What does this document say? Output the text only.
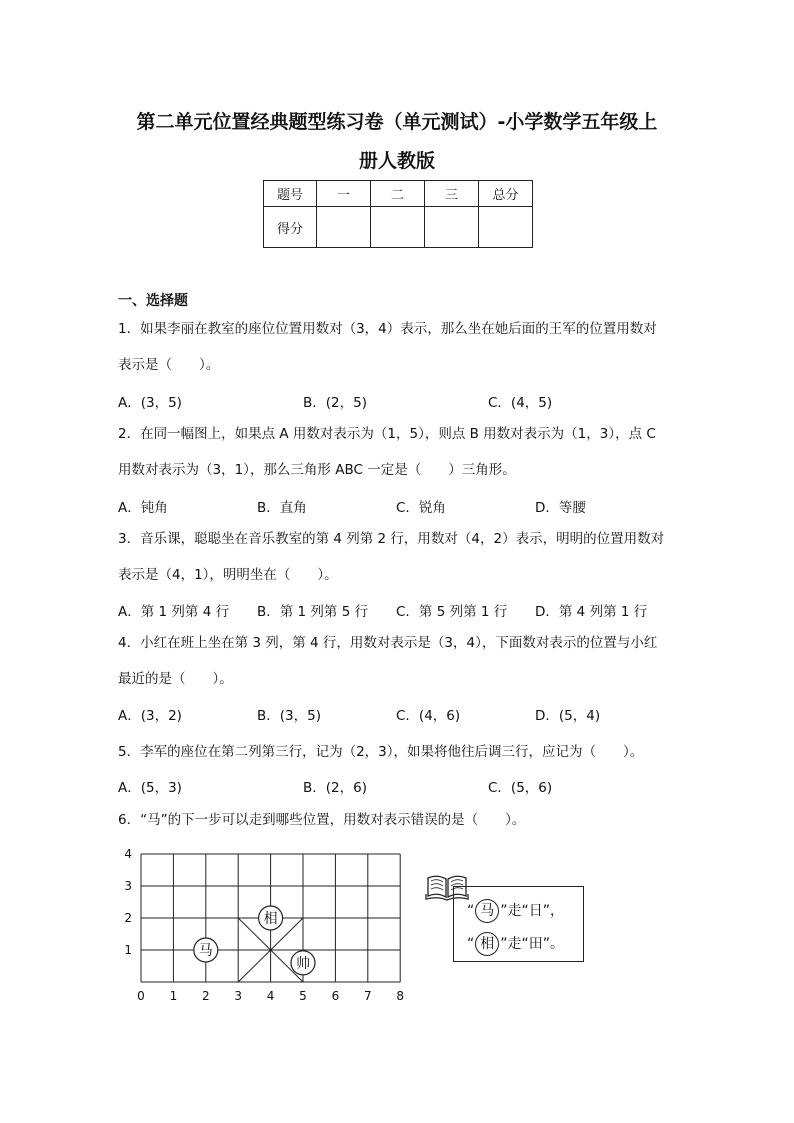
第二单元位置经典题型练习卷（单元测试）-小学数学五年级上
册人教版
题号	一	二	三	总分
得分				
一、选择题
1．如果李丽在教室的座位位置用数对（3，4）表示，那么坐在她后面的王军的位置用数对
表示是（　　）。
A．(3，5)	B．(2，5)	C．(4，5)
2．在同一幅图上，如果点 A 用数对表示为（1，5），则点 B 用数对表示为（1，3），点 C
用数对表示为（3，1），那么三角形 ABC 一定是（　　）三角形。
A．钝角	B．直角	C．锐角	D．等腰
3．音乐课，聪聪坐在音乐教室的第 4 列第 2 行，用数对（4，2）表示，明明的位置用数对
表示是（4，1），明明坐在（　　）。
A．第 1 列第 4 行 B．第 1 列第 5 行 C．第 5 列第 1 行 D．第 4 列第 1 行
4．小红在班上坐在第 3 列，第 4 行，用数对表示是（3，4），下面数对表示的位置与小红
最近的是（　　）。
A．(3，2)	B．(3，5)	C．(4，6)	D．(5，4)
5．李军的座位在第二列第三行，记为（2，3），如果将他往后调三行，应记为（　　）。
A．(5，3)	B．(2，6)	C．(5，6)
6．“马”的下一步可以走到哪些位置，用数对表示错误的是（　　）。
0 1 2 3 4 5 6 7 8
1
2
3
4
马
相
帅
“ 马 ”走“日”，
“ 相 ”走“田”。
